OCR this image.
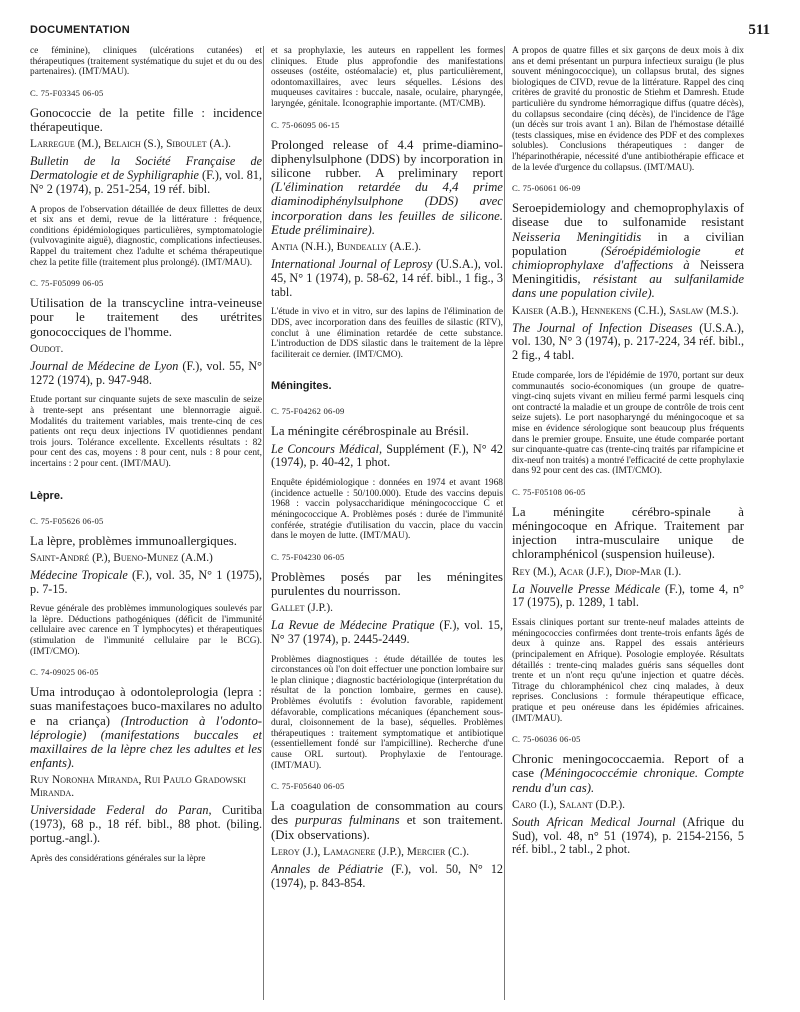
DOCUMENTATION	511

ce féminine), cliniques (ulcérations cutanées) et thérapeutiques (traitement systématique du sujet et du ou des partenaires). (IMT/MAU).

C. 75-F03345 06-05
Gonococcie de la petite fille : incidence thérapeutique.
Larregue (M.), Belaich (S.), Siboulet (A.).
Bulletin de la Société Française de Dermatologie et de Syphiligraphie (F.), vol. 81, N° 2 (1974), p. 251-254, 19 réf. bibl.

A propos de l'observation détaillée de deux fillettes de deux et six ans et demi, revue de la littérature : fréquence, conditions épidémiologiques particulières, symptomatologie (vulvovaginite aiguë), diagnostic, complications infectieuses. Rappel du traitement chez l'adulte et schéma thérapeutique chez la petite fille (traitement plus prolongé). (IMT/MAU).

C. 75-F05099 06-05
Utilisation de la transcycline intra-veineuse pour le traitement des urétrites gonococciques de l'homme.
Oudot.
Journal de Médecine de Lyon (F.), vol. 55, N° 1272 (1974), p. 947-948.

Etude portant sur cinquante sujets de sexe masculin de seize à trente-sept ans présentant une blennorragie aiguë. Modalités du traitement variables, mais trente-cinq de ces patients ont reçu deux injections IV quotidiennes pendant trois jours. Tolérance excellente. Excellents résultats : 82 pour cent des cas, moyens : 8 pour cent, nuls : 8 pour cent, incertains : 2 pour cent. (IMT/MAU).

Lèpre.
C. 75-F05626 06-05
La lèpre, problèmes immunoallergiques.
Saint-André (P.), Bueno-Munez (A.M.)
Médecine Tropicale (F.), vol. 35, N° 1 (1975), p. 7-15.

Revue générale des problèmes immunologiques soulevés par la lèpre. Déductions pathogéniques (déficit de l'immunité cellulaire avec carence en T lymphocytes) et thérapeutiques (stimulation de l'immunité cellulaire par le BCG). (IMT/CMO).

C. 74-09025 06-05
Uma introduçao à odontoleprologia (lepra : suas manifestaçoes buco-maxilares no adulto e na criança) (Introduction à l'odonto-léprologie) (manifestations buccales et maxillaires de la lèpre chez les adultes et les enfants).
Ruy Noronha Miranda, Rui Paulo Gradowski Miranda.
Universidade Federal do Paran, Curitiba (1973), 68 p., 18 réf. bibl., 88 phot. (biling. portug.-angl.).

Après des considérations générales sur la lèpre

et sa prophylaxie, les auteurs en rappellent les formes cliniques. Etude plus approfondie des manifestations osseuses (ostéite, ostéomalacie) et, plus particulièrement, odontomaxillaires, avec leurs séquelles. Lésions des muqueuses cavitaires : buccale, nasale, oculaire, pharyngée, laryngée, génitale. Iconographie importante. (MT/CMB).

C. 75-06095 06-15
Prolonged release of 4.4 prime-diamino-diphenylsulphone (DDS) by incorporation in silicone rubber. A preliminary report (L'élimination retardée du 4,4 prime diaminodiphénylsulphone (DDS) avec incorporation dans les feuilles de silicone. Etude préliminaire).
Antia (N.H.), Bundeally (A.E.).
International Journal of Leprosy (U.S.A.), vol. 45, N° 1 (1974), p. 58-62, 14 réf. bibl., 1 fig., 3 tabl.

L'étude in vivo et in vitro, sur des lapins de l'élimination de DDS, avec incorporation dans des feuilles de silastic (RTV), conclut à une élimination retardée de cette substance. L'introduction de DDS silastic dans le traitement de la lèpre faciliterait ce dernier. (IMT/CMO).

Méningites.
C. 75-F04262 06-09
La méningite cérébrospinale au Brésil.
Le Concours Médical, Supplément (F.), N° 42 (1974), p. 40-42, 1 phot.

Enquête épidémiologique : données en 1974 et avant 1968 (incidence actuelle : 50/100.000). Etude des vaccins depuis 1968 : vaccin polysaccharidique méningococcique C et méningococcique A. Problèmes posés : durée de l'immunité conférée, stratégie d'utilisation du vaccin, place du vaccin dans le moyen de lutte. (IMT/MAU).

C. 75-F04230 06-05
Problèmes posés par les méningites purulentes du nourrisson.
Gallet (J.P.).
La Revue de Médecine Pratique (F.), vol. 15, N° 37 (1974), p. 2445-2449.

Problèmes diagnostiques : étude détaillée de toutes les circonstances où l'on doit effectuer une ponction lombaire sur le plan clinique ; diagnostic bactériologique (interprétation du résultat de la ponction lombaire, germes en cause). Problèmes évolutifs : évolution favorable, rapidement défavorable, complications mécaniques (épanchement sous-dural, cloisonnement de la base), séquelles. Problèmes thérapeutiques : traitement symptomatique et antibiotique (essentiellement fondé sur l'ampicilline). Recherche d'une cause ORL surtout). Prophylaxie de l'entourage. (IMT/MAU).

C. 75-F05640 06-05
La coagulation de consommation au cours des purpuras fulminans et son traitement. (Dix observations).
Leroy (J.), Lamagnere (J.P.), Mercier (C.).
Annales de Pédiatrie (F.), vol. 50, N° 12 (1974), p. 843-854.

A propos de quatre filles et six garçons de deux mois à dix ans et demi présentant un purpura infectieux suraigu (le plus souvent méningococcique), un collapsus brutal, des signes biologiques de CIVD, revue de la littérature. Rappel des cinq critères de gravité du pronostic de Stiehm et Damresh. Etude particulière du syndrome hémorragique diffus (quatre décès), du collapsus secondaire (cinq décès), de l'incidence de l'âge (un décès sur trois avant 1 an). Bilan de l'hémostase détaillé (tests classiques, mise en évidence des PDF et des complexes solubles). Conclusions thérapeutiques : danger de l'héparinothérapie, nécessité d'une antibiothérapie efficace et de la levée d'urgence du collapsus. (IMT/MAU).

C. 75-06061 06-09
Seroepidemiology and chemoprophylaxis of disease due to sulfonamide resistant Neisseria Meningitidis in a civilian population (Séroépidémiologie et chimioprophylaxe d'affections à Neissera Meningitidis, résistant au sulfanilamide dans une population civile).
Kaiser (A.B.), Hennekens (C.H.), Saslaw (M.S.).
The Journal of Infection Diseases (U.S.A.), vol. 130, N° 3 (1974), p. 217-224, 34 réf. bibl., 2 fig., 4 tabl.

Etude comparée, lors de l'épidémie de 1970, portant sur deux communautés socio-économiques (un groupe de quatre-vingt-cinq sujets vivant en milieu fermé parmi lesquels cinq ont contracté la maladie et un groupe de contrôle de trois cent seize sujets). Le port nasopharyngé du méningocoque et sa mise en évidence sérologique sont beaucoup plus fréquents dans le premier groupe. Ensuite, une étude comparée portant sur cinquante-quatre cas (trente-cinq traités par rifampicine et dix-neuf non traités) a montré l'efficacité de cette prophylaxie dans 92 pour cent des cas. (IMT/CMO).

C. 75-F05108 06-05
La méningite cérébro-spinale à méningocoque en Afrique. Traitement par injection intra-musculaire unique de chloramphénicol (suspension huileuse).
Rey (M.), Acar (J.F.), Diop-Mar (I.).
La Nouvelle Presse Médicale (F.), tome 4, n° 17 (1975), p. 1289, 1 tabl.

Essais cliniques portant sur trente-neuf malades atteints de méningococcies confirmées dont trente-trois enfants âgés de deux à quinze ans. Rappel des essais antérieurs (principalement en Afrique). Posologie employée. Résultats détaillés : trente-cinq malades guéris sans séquelles dont trente et un n'ont reçu qu'une injection et quatre décès. Titrage du chloramphénicol chez cinq malades, à deux reprises. Conclusions : formule thérapeutique efficace, pratique et peu onéreuse dans les épidémies africaines. (IMT/MAU).

C. 75-06036 06-05
Chronic meningococcaemia. Report of a case (Méningococcémie chronique. Compte rendu d'un cas).
Caro (I.), Salant (D.P.).
South African Medical Journal (Afrique du Sud), vol. 48, n° 51 (1974), p. 2154-2156, 5 réf. bibl., 2 tabl., 2 phot.
